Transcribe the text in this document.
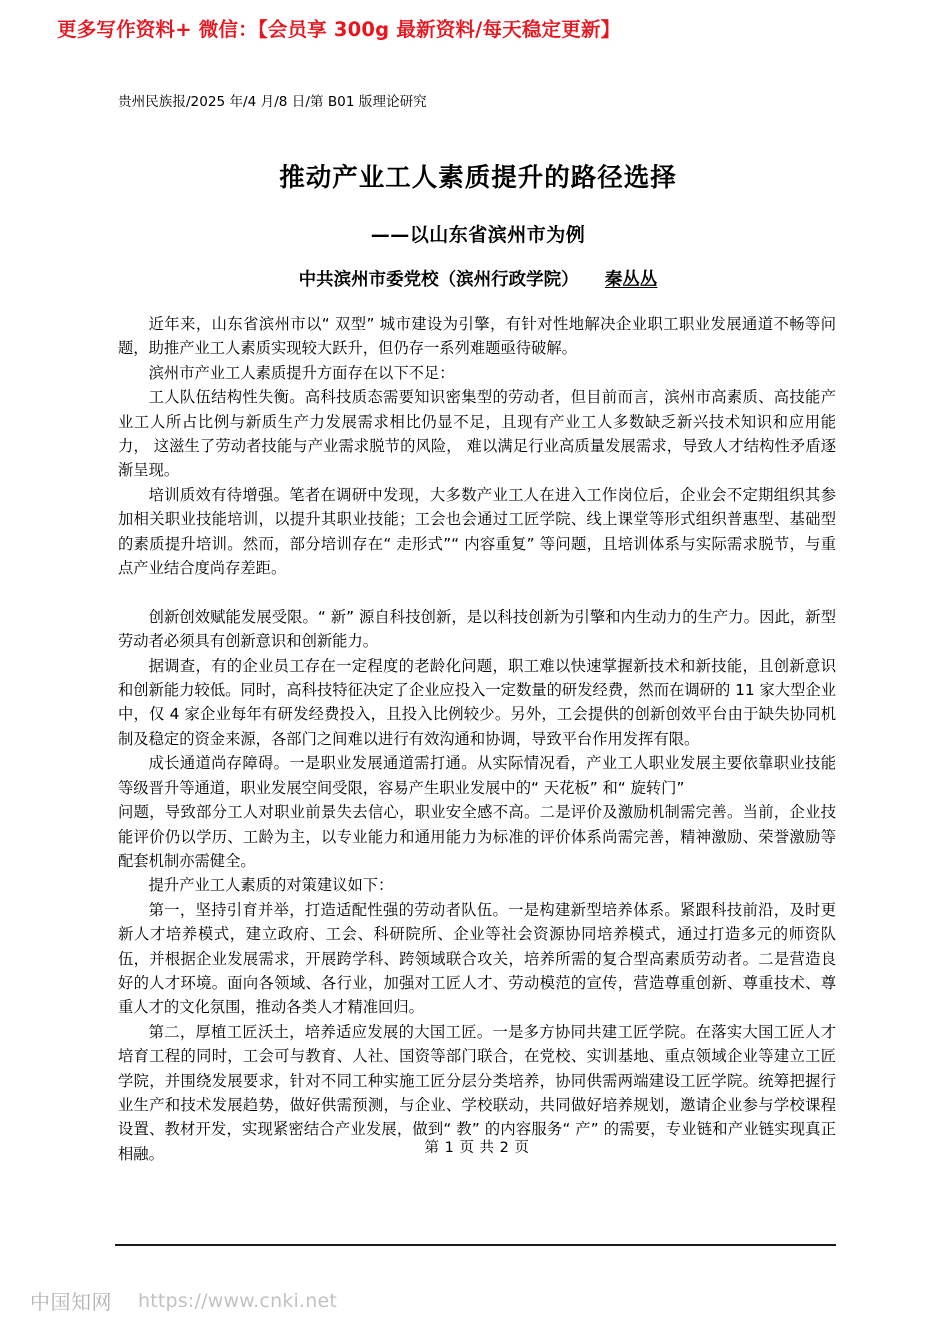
更多写作资料+ 微信：【会员享 300g 最新资料/每天稳定更新】
贵州民族报/2025 年/4 月/8 日/第 B01 版理论研究
推动产业工人素质提升的路径选择
——以山东省滨州市为例
中共滨州市委党校（滨州行政学院） 秦丛丛

近年来，山东省滨州市以“ 双型” 城市建设为引擎，有针对性地解决企业职工职业发展通道不畅等问题，助推产业工人素质实现较大跃升，但仍存一系列难题亟待破解。

滨州市产业工人素质提升方面存在以下不足：

工人队伍结构性失衡。高科技质态需要知识密集型的劳动者，但目前而言，滨州市高素质、高技能产业工人所占比例与新质生产力发展需求相比仍显不足，且现有产业工人多数缺乏新兴技术知识和应用能力， 这滋生了劳动者技能与产业需求脱节的风险， 难以满足行业高质量发展需求，导致人才结构性矛盾逐渐呈现。

培训质效有待增强。笔者在调研中发现，大多数产业工人在进入工作岗位后，企业会不定期组织其参加相关职业技能培训，以提升其职业技能；工会也会通过工匠学院、线上课堂等形式组织普惠型、基础型的素质提升培训。然而，部分培训存在“ 走形式”“ 内容重复” 等问题，且培训体系与实际需求脱节，与重点产业结合度尚存差距。

创新创效赋能发展受限。“ 新” 源自科技创新，是以科技创新为引擎和内生动力的生产力。因此，新型劳动者必须具有创新意识和创新能力。

据调查，有的企业员工存在一定程度的老龄化问题，职工难以快速掌握新技术和新技能，且创新意识和创新能力较低。同时，高科技特征决定了企业应投入一定数量的研发经费，然而在调研的 11 家大型企业中，仅 4 家企业每年有研发经费投入，且投入比例较少。另外，工会提供的创新创效平台由于缺失协同机制及稳定的资金来源，各部门之间难以进行有效沟通和协调，导致平台作用发挥有限。

成长通道尚存障碍。一是职业发展通道需打通。从实际情况看，产业工人职业发展主要依靠职业技能等级晋升等通道，职业发展空间受限，容易产生职业发展中的“ 天花板” 和“ 旋转门”

问题，导致部分工人对职业前景失去信心，职业安全感不高。二是评价及激励机制需完善。当前，企业技能评价仍以学历、工龄为主，以专业能力和通用能力为标准的评价体系尚需完善，精神激励、荣誉激励等配套机制亦需健全。

提升产业工人素质的对策建议如下：

第一，坚持引育并举，打造适配性强的劳动者队伍。一是构建新型培养体系。紧跟科技前沿，及时更新人才培养模式，建立政府、工会、科研院所、企业等社会资源协同培养模式，通过打造多元的师资队伍，并根据企业发展需求，开展跨学科、跨领域联合攻关，培养所需的复合型高素质劳动者。二是营造良好的人才环境。面向各领域、各行业，加强对工匠人才、劳动模范的宣传，营造尊重创新、尊重技术、尊重人才的文化氛围，推动各类人才精准回归。

第二，厚植工匠沃土，培养适应发展的大国工匠。一是多方协同共建工匠学院。在落实大国工匠人才培育工程的同时，工会可与教育、人社、国资等部门联合，在党校、实训基地、重点领域企业等建立工匠学院，并围绕发展要求，针对不同工种实施工匠分层分类培养，协同供需两端建设工匠学院。统筹把握行业生产和技术发展趋势，做好供需预测，与企业、学校联动，共同做好培养规划，邀请企业参与学校课程设置、教材开发，实现紧密结合产业发展，做到“ 教” 的内容服务“ 产” 的需要，专业链和产业链实现真正相融。	第 1 页 共 2 页
中国知网 https://www.cnki.net
